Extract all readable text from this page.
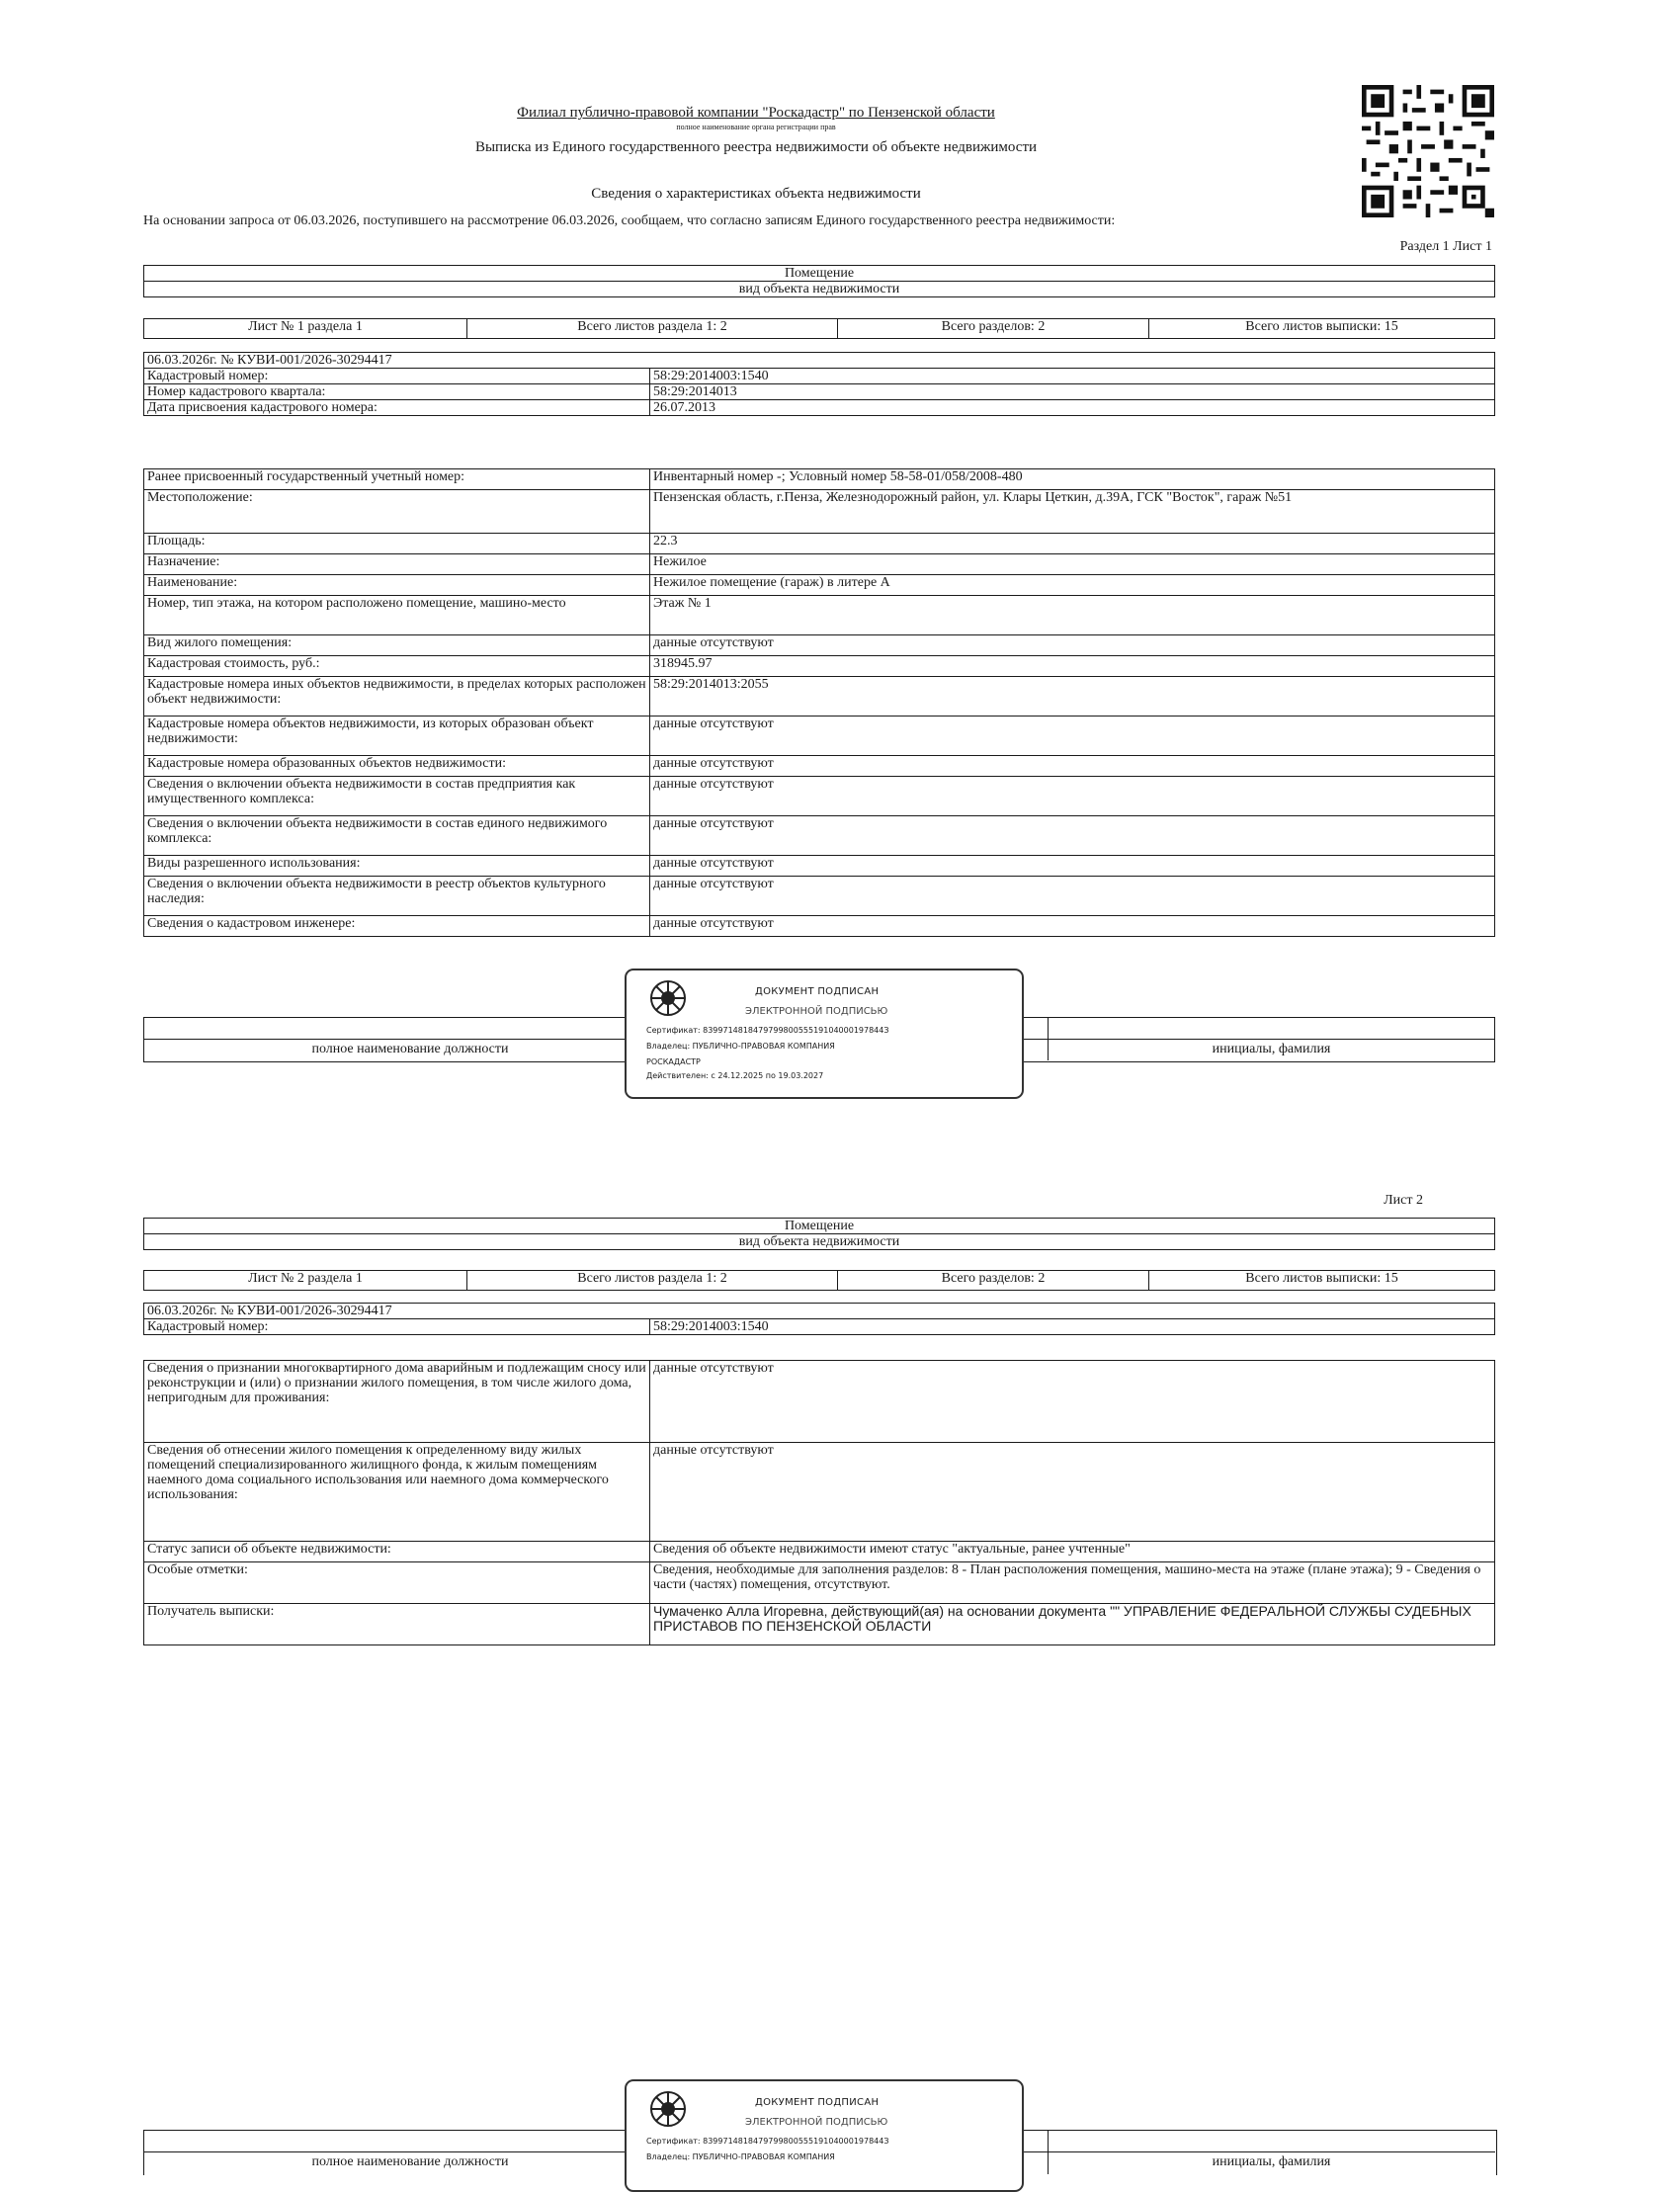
Филиал публично-правовой компании "Роскадастр" по Пензенской области
полное наименование органа регистрации прав
Выписка из Единого государственного реестра недвижимости об объекте недвижимости
Сведения о характеристиках объекта недвижимости
На основании запроса от 06.03.2026, поступившего на рассмотрение 06.03.2026, сообщаем, что согласно записям Единого государственного реестра недвижимости:
Раздел 1 Лист 1
Помещение
вид объекта недвижимости
Лист № 1 раздела 1	Всего листов раздела 1: 2	Всего разделов: 2	Всего листов выписки: 15
06.03.2026г. № КУВИ-001/2026-30294417	
Кадастровый номер:	58:29:2014003:1540
Номер кадастрового квартала:	58:29:2014013
Дата присвоения кадастрового номера:	26.07.2013
Ранее присвоенный государственный учетный номер:	Инвентарный номер -; Условный номер 58-58-01/058/2008-480
Местоположение:	Пензенская область, г.Пенза, Железнодорожный район, ул. Клары Цеткин, д.39А, ГСК "Восток", гараж №51
Площадь:	22.3
Назначение:	Нежилое
Наименование:	Нежилое помещение (гараж) в литере А
Номер, тип этажа, на котором расположено помещение, машино-место	Этаж № 1
Вид жилого помещения:	данные отсутствуют
Кадастровая стоимость, руб.:	318945.97
Кадастровые номера иных объектов недвижимости, в пределах которых расположен объект недвижимости:	58:29:2014013:2055
Кадастровые номера объектов недвижимости, из которых образован объект недвижимости:	данные отсутствуют
Кадастровые номера образованных объектов недвижимости:	данные отсутствуют
Сведения о включении объекта недвижимости в состав предприятия как имущественного комплекса:	данные отсутствуют
Сведения о включении объекта недвижимости в состав единого недвижимого комплекса:	данные отсутствуют
Виды разрешенного использования:	данные отсутствуют
Сведения о включении объекта недвижимости в реестр объектов культурного наследия:	данные отсутствуют
Сведения о кадастровом инженере:	данные отсутствуют
полное наименование должности	инициалы, фамилия
ДОКУМЕНТ ПОДПИСАН
ЭЛЕКТРОННОЙ ПОДПИСЬЮ
Сертификат: 839971481847979980055519104000197844З
Владелец: ПУБЛИЧНО-ПРАВОВАЯ КОМПАНИЯ
РОСКАДАСТР
Действителен: с 24.12.2025 по 19.03.2027
Лист 2
Помещение
вид объекта недвижимости
Лист № 2 раздела 1	Всего листов раздела 1: 2	Всего разделов: 2	Всего листов выписки: 15
06.03.2026г. № КУВИ-001/2026-30294417
Кадастровый номер:	58:29:2014003:1540
Сведения о признании многоквартирного дома аварийным и подлежащим сносу или реконструкции и (или) о признании жилого помещения, в том числе жилого дома, непригодным для проживания:	данные отсутствуют
Сведения об отнесении жилого помещения к определенному виду жилых помещений специализированного жилищного фонда, к жилым помещениям наемного дома социального использования или наемного дома коммерческого использования:	данные отсутствуют
Статус записи об объекте недвижимости:	Сведения об объекте недвижимости имеют статус "актуальные, ранее учтенные"
Особые отметки:	Сведения, необходимые для заполнения разделов: 8 - План расположения помещения, машино-места на этаже (плане этажа); 9 - Сведения о части (частях) помещения, отсутствуют.
Получатель выписки:	Чумаченко Алла Игоревна, действующий(ая) на основании документа "" УПРАВЛЕНИЕ ФЕДЕРАЛЬНОЙ СЛУЖБЫ СУДЕБНЫХ ПРИСТАВОВ ПО ПЕНЗЕНСКОЙ ОБЛАСТИ
полное наименование должности	инициалы, фамилия
ДОКУМЕНТ ПОДПИСАН
ЭЛЕКТРОННОЙ ПОДПИСЬЮ
Сертификат: 839971481847979980055519104000197844З
Владелец: ПУБЛИЧНО-ПРАВОВАЯ КОМПАНИЯ
